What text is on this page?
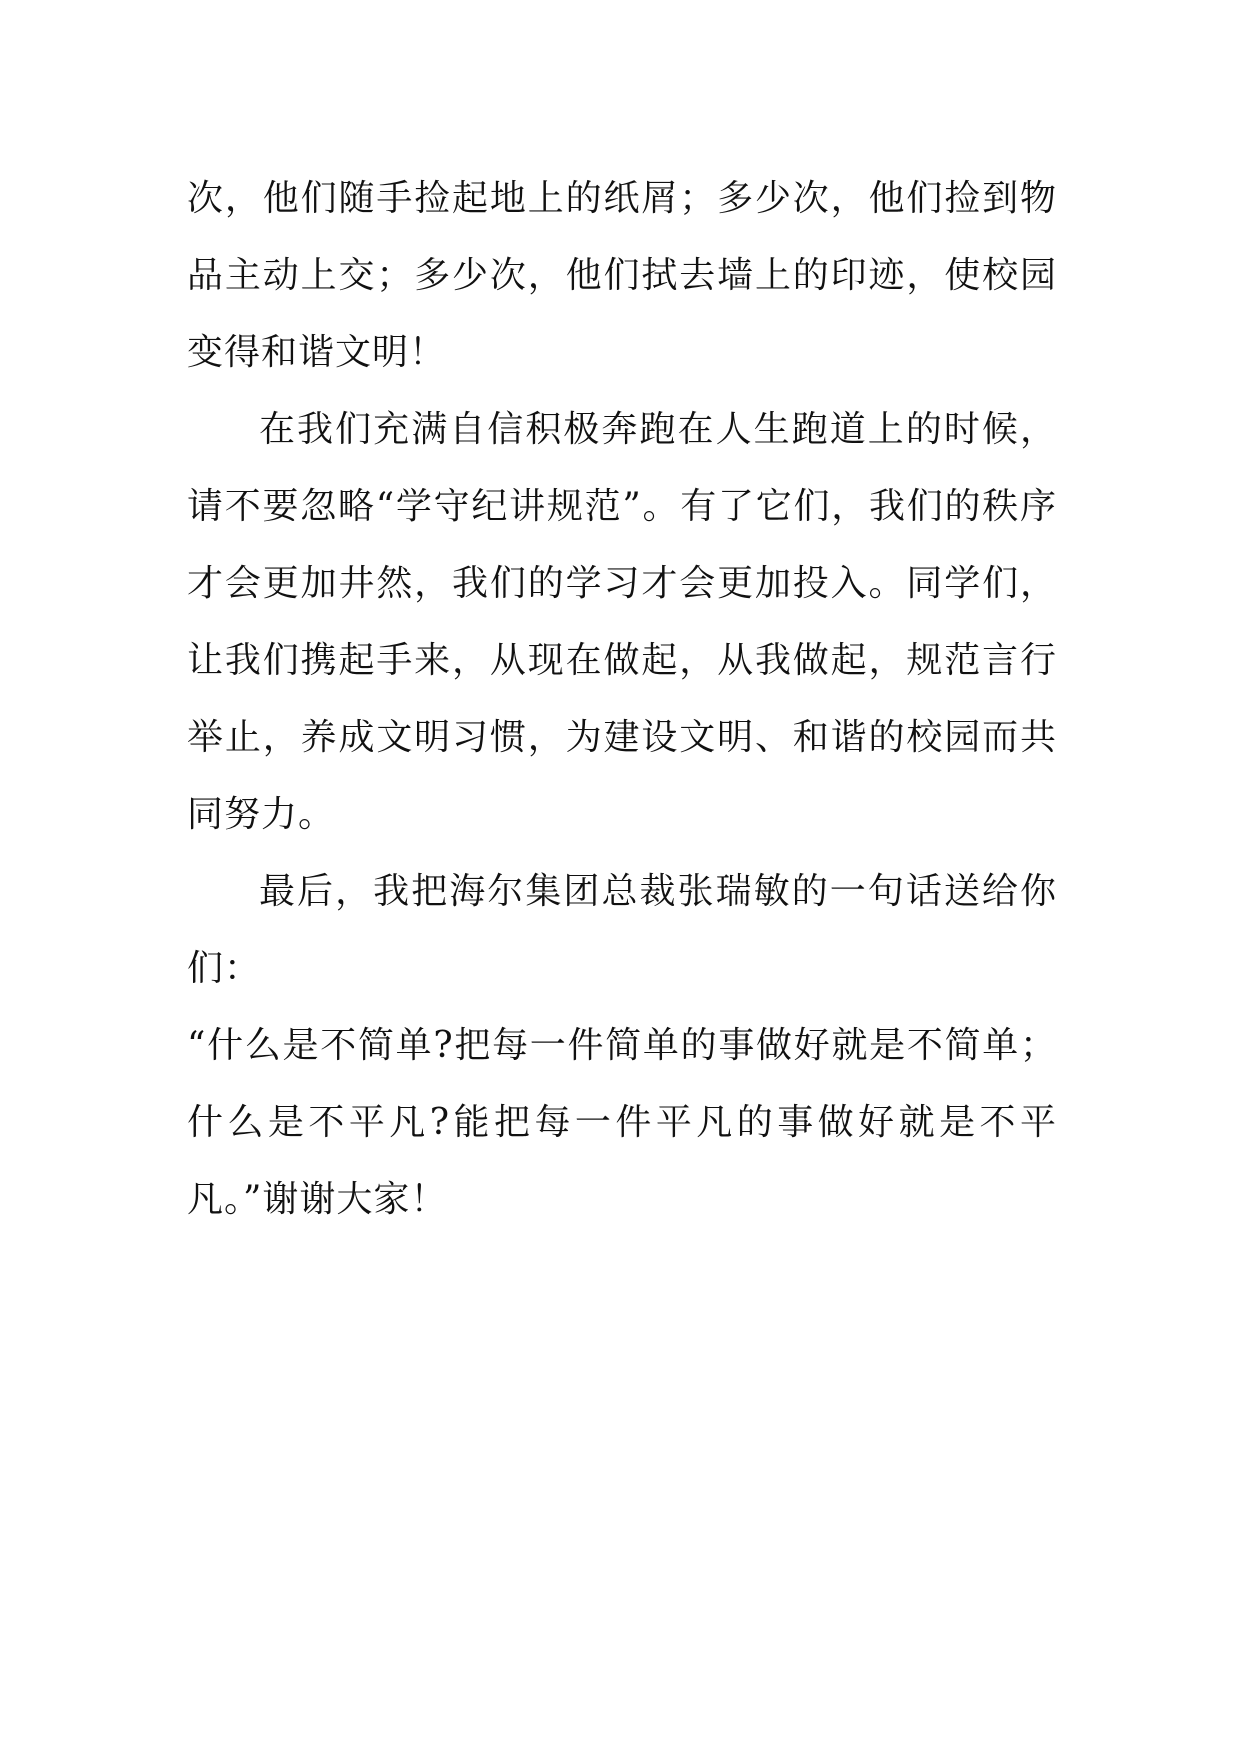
次，他们随手捡起地上的纸屑；多少次，他们捡到物品主动上交；多少次，他们拭去墙上的印迹，使校园变得和谐文明！

在我们充满自信积极奔跑在人生跑道上的时候，请不要忽略“学守纪讲规范”。有了它们，我们的秩序才会更加井然，我们的学习才会更加投入。同学们，让我们携起手来，从现在做起，从我做起，规范言行举止，养成文明习惯，为建设文明、和谐的校园而共同努力。

最后，我把海尔集团总裁张瑞敏的一句话送给你们：

“什么是不简单?把每一件简单的事做好就是不简单；什么是不平凡?能把每一件平凡的事做好就是不平凡。”谢谢大家！
